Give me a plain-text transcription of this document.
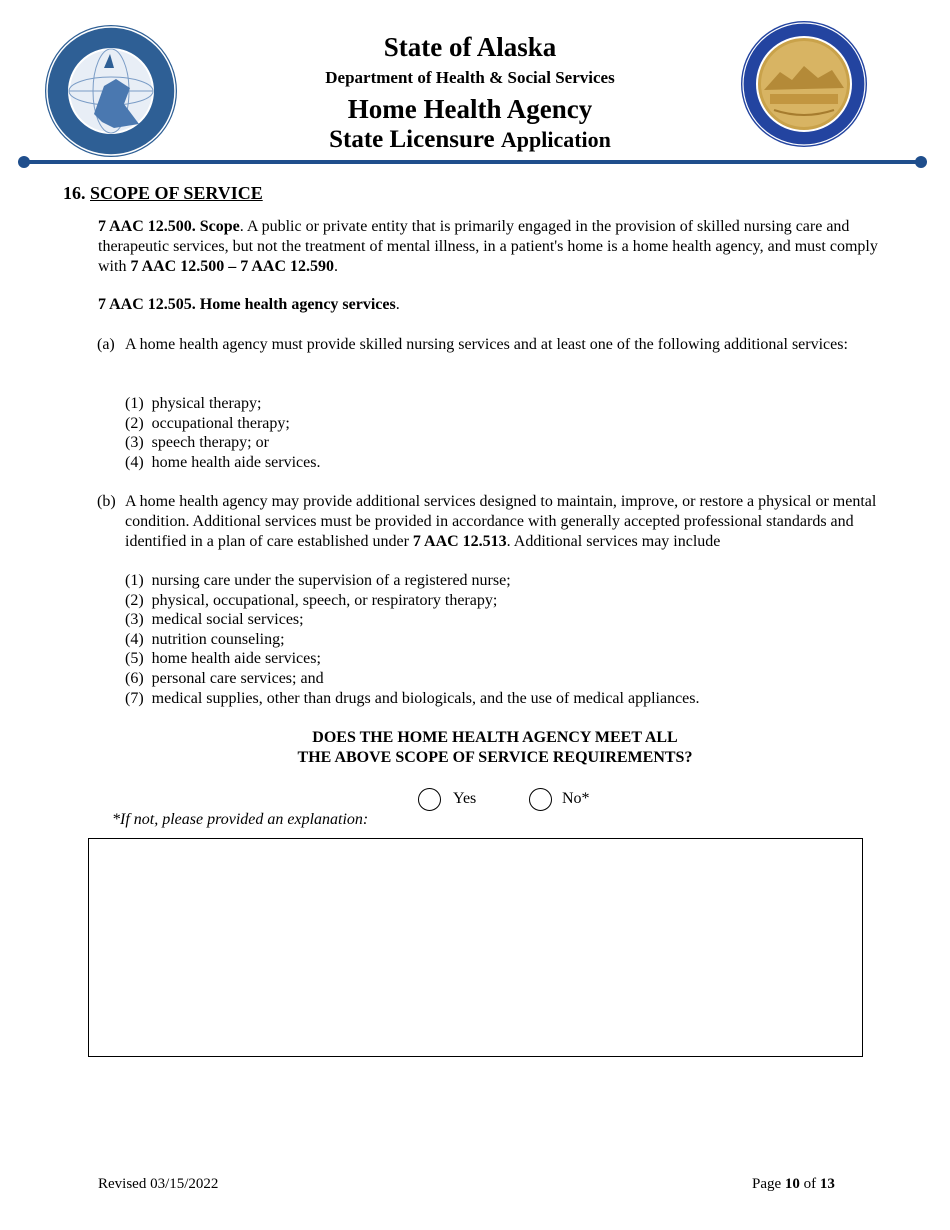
State of Alaska
Department of Health & Social Services
Home Health Agency
State Licensure Application
16. SCOPE OF SERVICE
7 AAC 12.500. Scope. A public or private entity that is primarily engaged in the provision of skilled nursing care and therapeutic services, but not the treatment of mental illness, in a patient's home is a home health agency, and must comply with 7 AAC 12.500 – 7 AAC 12.590.
7 AAC 12.505. Home health agency services.
(a) A home health agency must provide skilled nursing services and at least one of the following additional services:
(1) physical therapy;
(2) occupational therapy;
(3) speech therapy; or
(4) home health aide services.
(b) A home health agency may provide additional services designed to maintain, improve, or restore a physical or mental condition. Additional services must be provided in accordance with generally accepted professional standards and identified in a plan of care established under 7 AAC 12.513. Additional services may include
(1) nursing care under the supervision of a registered nurse;
(2) physical, occupational, speech, or respiratory therapy;
(3) medical social services;
(4) nutrition counseling;
(5) home health aide services;
(6) personal care services; and
(7) medical supplies, other than drugs and biologicals, and the use of medical appliances.
DOES THE HOME HEALTH AGENCY MEET ALL
THE ABOVE SCOPE OF SERVICE REQUIREMENTS?
Yes	No*
*If not, please provided an explanation:
Revised 03/15/2022	Page 10 of 13
